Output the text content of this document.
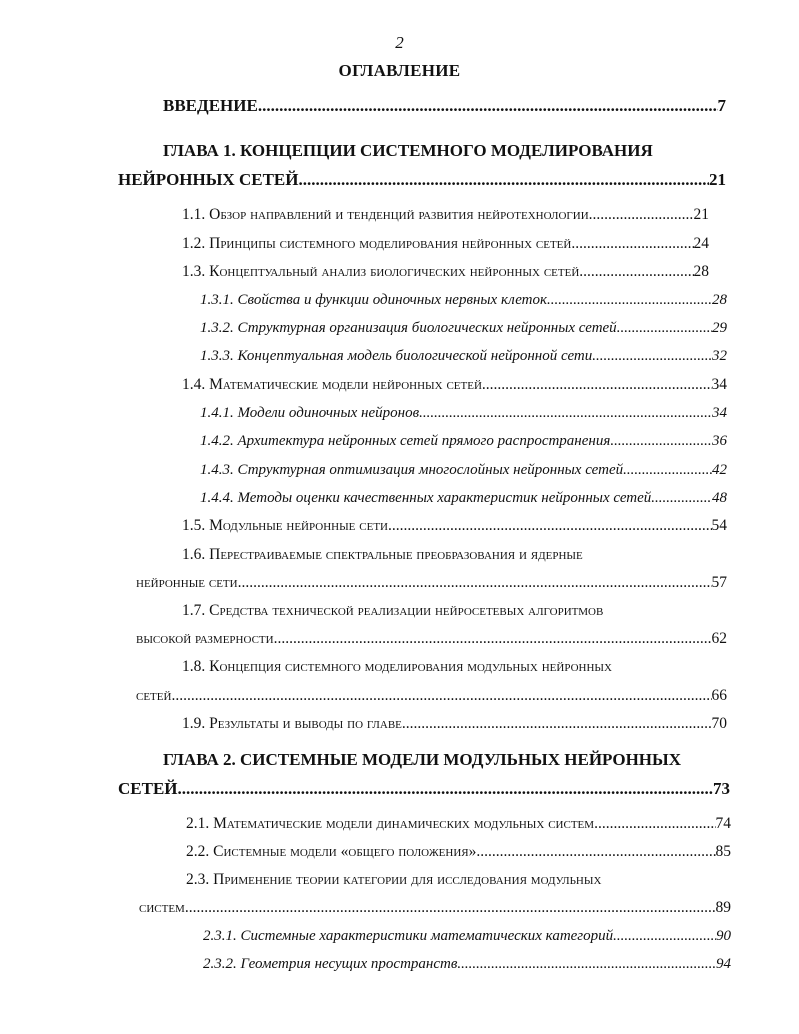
2
ОГЛАВЛЕНИЕ
ВВЕДЕНИЕ .....	7
ГЛАВА 1. КОНЦЕПЦИИ СИСТЕМНОГО МОДЕЛИРОВАНИЯ
НЕЙРОННЫХ СЕТЕЙ .....	21
1.1. Обзор направлений и тенденций развития нейротехнологии .....	21
1.2. Принципы системного моделирования нейронных сетей .....	24
1.3. Концептуальный анализ биологических нейронных сетей .....	28
1.3.1. Свойства и функции одиночных нервных клеток .....	28
1.3.2. Структурная организация биологических нейронных сетей .....	29
1.3.3. Концептуальная модель биологической нейронной сети .....	32
1.4. Математические модели нейронных сетей .....	34
1.4.1. Модели одиночных нейронов .....	34
1.4.2. Архитектура нейронных сетей прямого распространения .....	36
1.4.3. Структурная оптимизация многослойных нейронных сетей .....	42
1.4.4. Методы оценки качественных характеристик нейронных сетей .....	48
1.5. Модульные нейронные сети .....	54
1.6. Перестраиваемые спектральные преобразования и ядерные
нейронные сети .....	57
1.7. Средства технической реализации нейросетевых алгоритмов
высокой размерности .....	62
1.8. Концепция системного моделирования модульных нейронных
сетей .....	66
1.9. Результаты и выводы по главе .....	70
ГЛАВА 2. СИСТЕМНЫЕ МОДЕЛИ МОДУЛЬНЫХ НЕЙРОННЫХ
СЕТЕЙ .....	73
2.1. Математические модели динамических модульных систем .....	74
2.2. Системные модели «общего положения» .....	85
2.3. Применение теории категории для исследования модульных
систем .....	89
2.3.1. Системные характеристики математических категорий .....	90
2.3.2. Геометрия несущих пространств .....	94
